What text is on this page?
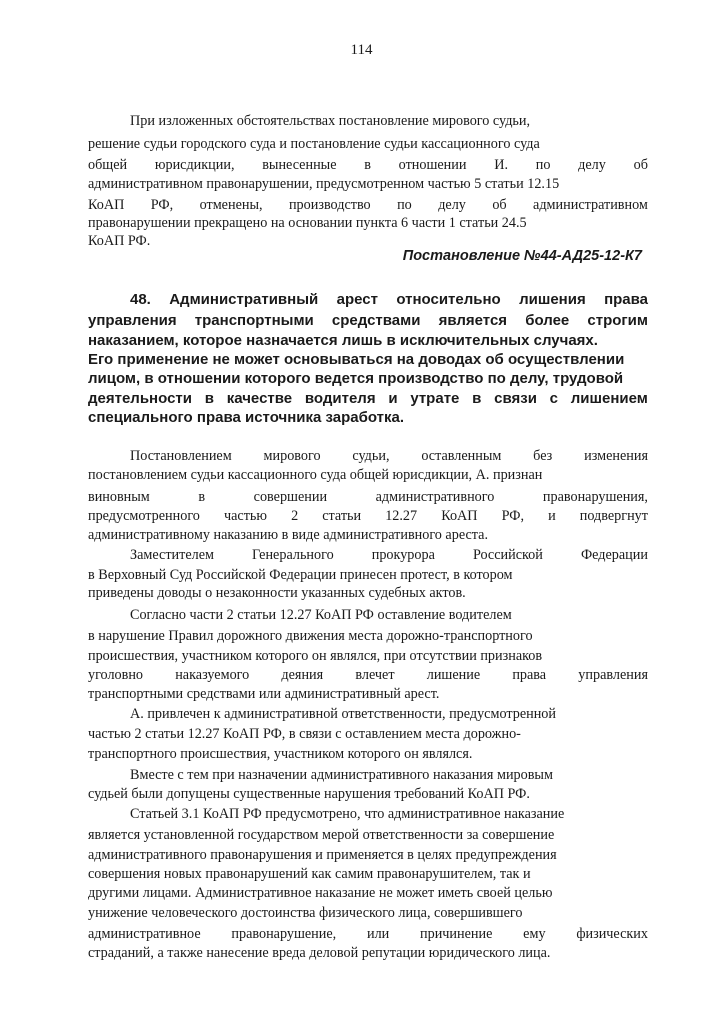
114
При изложенных обстоятельствах постановление мирового судьи,
решение судьи городского суда и постановление судьи кассационного суда
общей юрисдикции, вынесенные в отношении И. по делу об
административном правонарушении, предусмотренном частью 5 статьи 12.15
КоАП РФ, отменены, производство по делу об административном
правонарушении прекращено на основании пункта 6 части 1 статьи 24.5
КоАП РФ.
Постановление №44-АД25-12-К7
48. Административный арест относительно лишения права
управления транспортными средствами является более строгим
наказанием, которое назначается лишь в исключительных случаях.
Его применение не может основываться на доводах об осуществлении
лицом, в отношении которого ведется производство по делу, трудовой
деятельности в качестве водителя и утрате в связи с лишением
специального права источника заработка.
Постановлением мирового судьи, оставленным без изменения
постановлением судьи кассационного суда общей юрисдикции, А. признан
виновным	в	совершении	административного	правонарушения,
предусмотренного частью 2 статьи 12.27 КоАП РФ, и подвергнут
административному наказанию в виде административного ареста.
Заместителем	Генерального	прокурора	Российской	Федерации
в Верховный Суд Российской Федерации принесен протест, в котором
приведены доводы о незаконности указанных судебных актов.
Согласно части 2 статьи 12.27 КоАП РФ оставление водителем
в нарушение Правил дорожного движения места дорожно-транспортного
происшествия, участником которого он являлся, при отсутствии признаков
уголовно наказуемого деяния влечет лишение права управления
транспортными средствами или административный арест.
А. привлечен к административной ответственности, предусмотренной
частью 2 статьи 12.27 КоАП РФ, в связи с оставлением места дорожно-
транспортного происшествия, участником которого он являлся.
Вместе с тем при назначении административного наказания мировым
судьей были допущены существенные нарушения требований КоАП РФ.
Статьей 3.1 КоАП РФ предусмотрено, что административное наказание
является установленной государством мерой ответственности за совершение
административного правонарушения и применяется в целях предупреждения
совершения новых правонарушений как самим правонарушителем, так и
другими лицами. Административное наказание не может иметь своей целью
унижение человеческого достоинства физического лица, совершившего
административное правонарушение, или причинение ему физических
страданий, а также нанесение вреда деловой репутации юридического лица.
